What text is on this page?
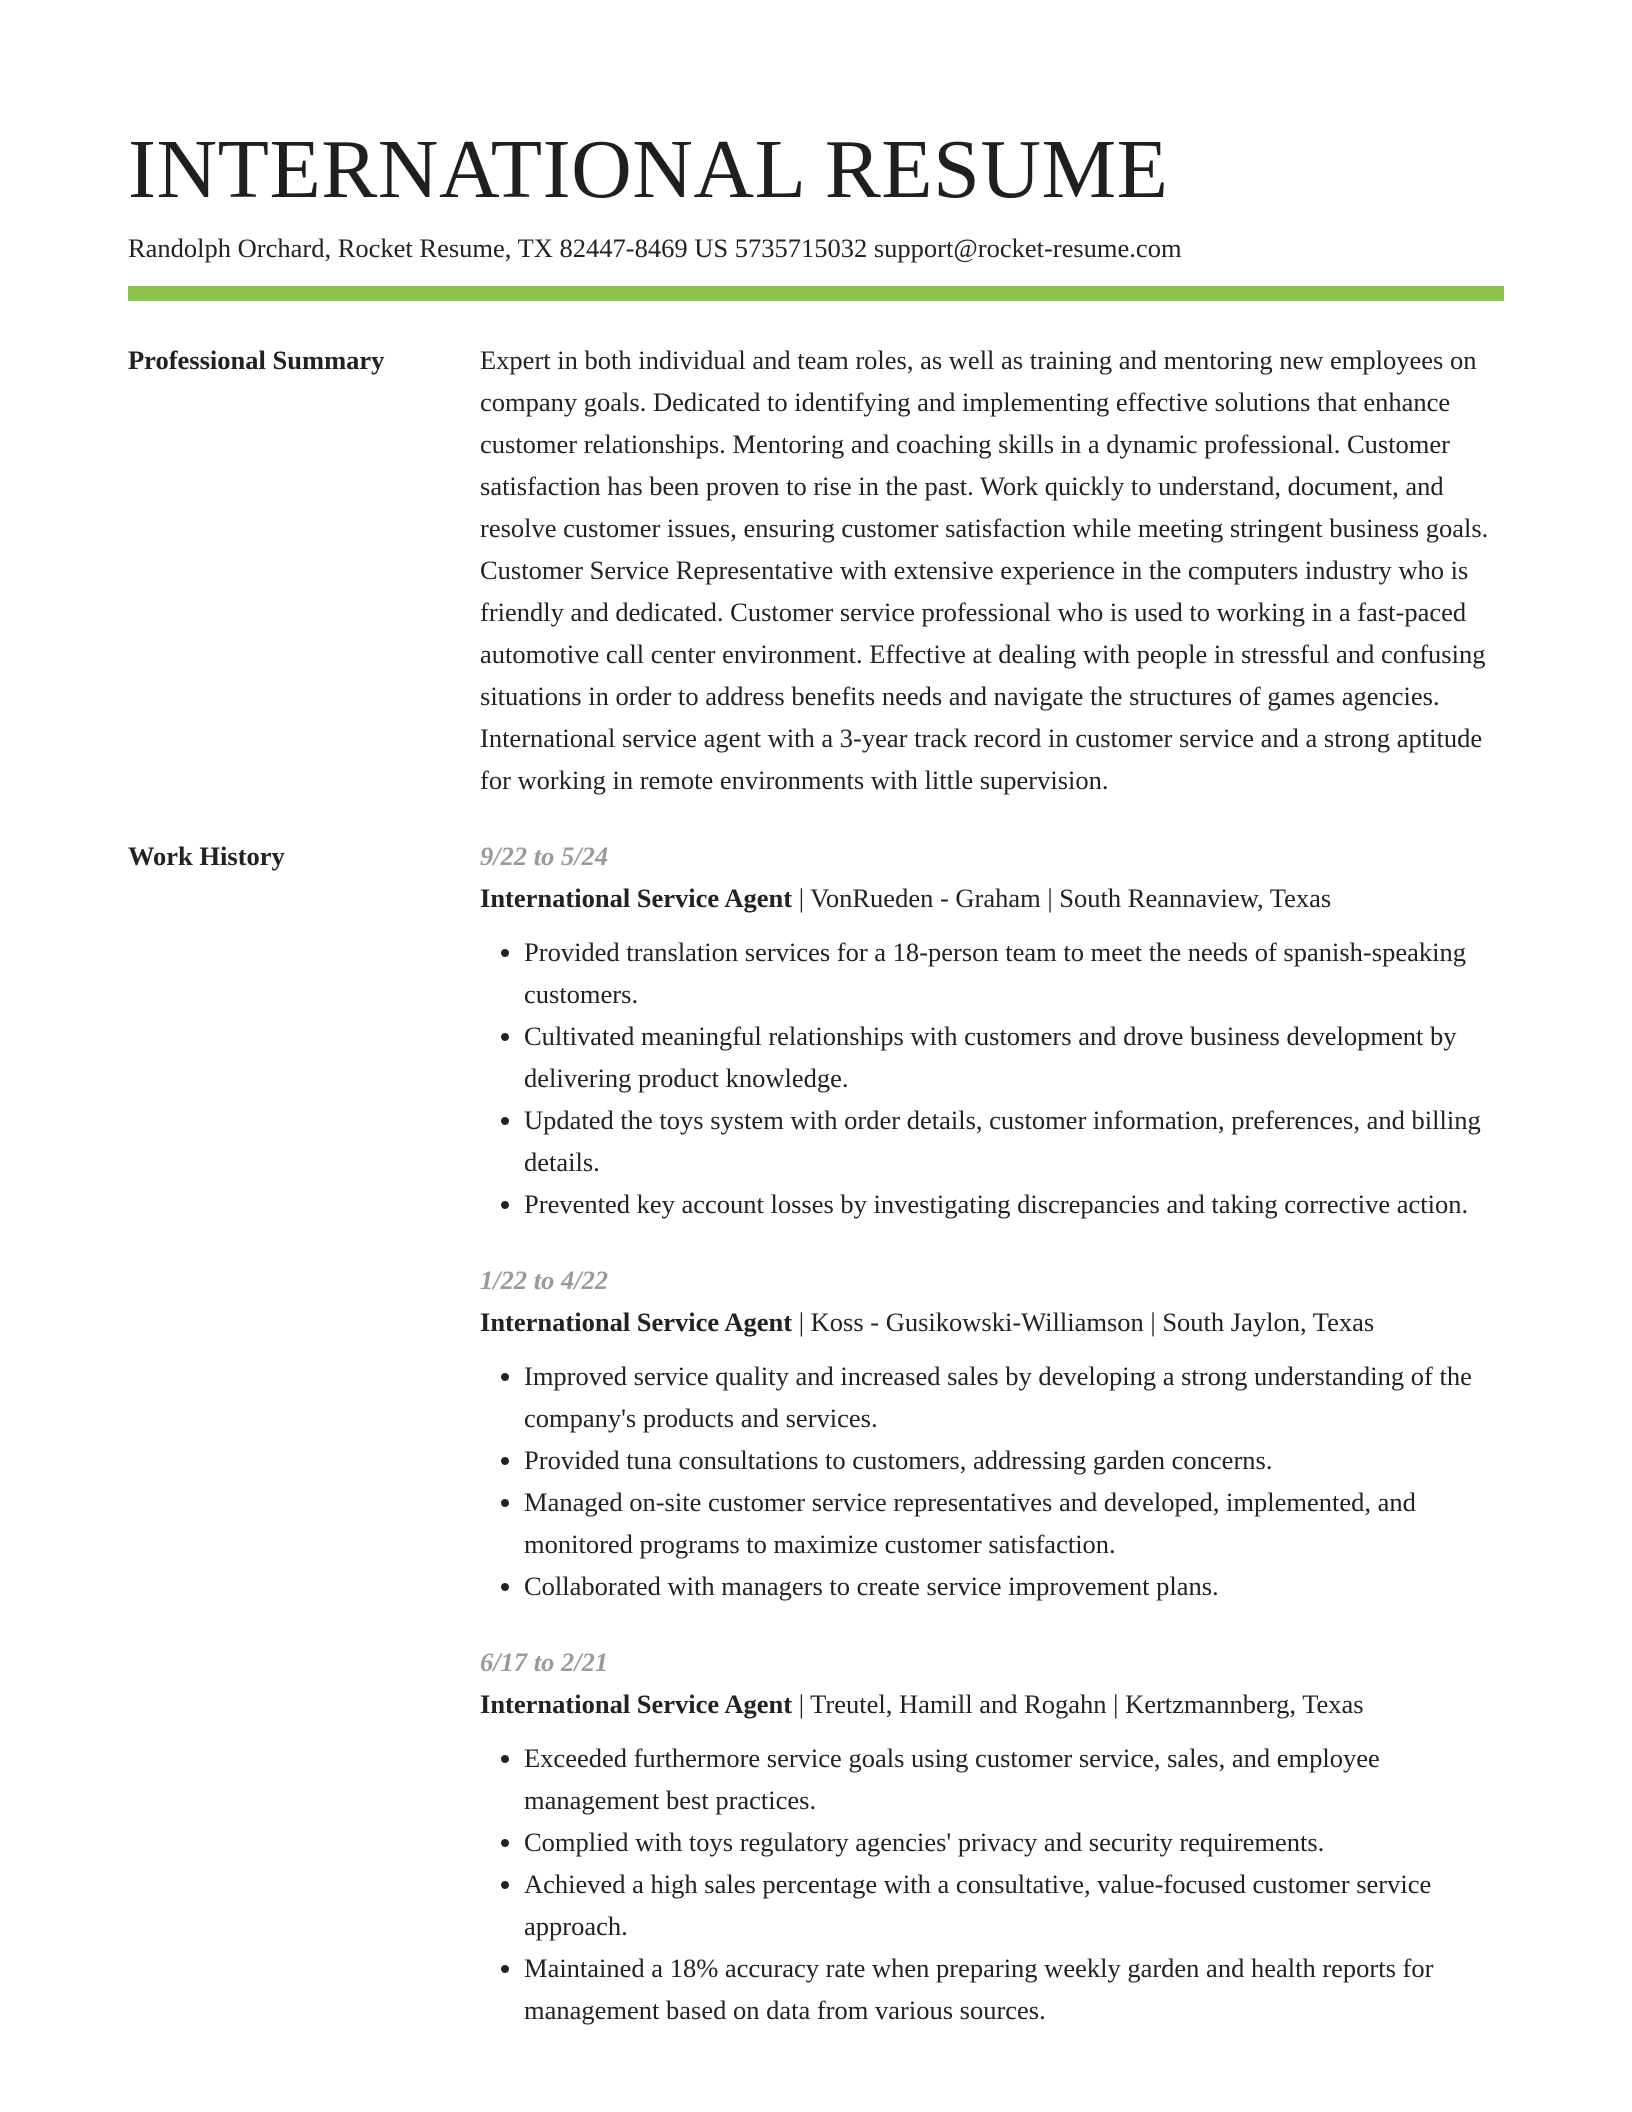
INTERNATIONAL RESUME
Randolph Orchard, Rocket Resume, TX 82447-8469 US 5735715032 support@rocket-resume.com
Professional Summary	Expert in both individual and team roles, as well as training and mentoring new employees on company goals. Dedicated to identifying and implementing effective solutions that enhance customer relationships. Mentoring and coaching skills in a dynamic professional. Customer satisfaction has been proven to rise in the past. Work quickly to understand, document, and resolve customer issues, ensuring customer satisfaction while meeting stringent business goals. Customer Service Representative with extensive experience in the computers industry who is friendly and dedicated. Customer service professional who is used to working in a fast-paced automotive call center environment. Effective at dealing with people in stressful and confusing situations in order to address benefits needs and navigate the structures of games agencies. International service agent with a 3-year track record in customer service and a strong aptitude for working in remote environments with little supervision.

Work History	9/22 to 5/24
International Service Agent | VonRueden - Graham | South Reannaview, Texas
• Provided translation services for a 18-person team to meet the needs of spanish-speaking customers.
• Cultivated meaningful relationships with customers and drove business development by delivering product knowledge.
• Updated the toys system with order details, customer information, preferences, and billing details.
• Prevented key account losses by investigating discrepancies and taking corrective action.
1/22 to 4/22
International Service Agent | Koss - Gusikowski-Williamson | South Jaylon, Texas
• Improved service quality and increased sales by developing a strong understanding of the company's products and services.
• Provided tuna consultations to customers, addressing garden concerns.
• Managed on-site customer service representatives and developed, implemented, and monitored programs to maximize customer satisfaction.
• Collaborated with managers to create service improvement plans.
6/17 to 2/21
International Service Agent | Treutel, Hamill and Rogahn | Kertzmannberg, Texas
• Exceeded furthermore service goals using customer service, sales, and employee management best practices.
• Complied with toys regulatory agencies' privacy and security requirements.
• Achieved a high sales percentage with a consultative, value-focused customer service approach.
• Maintained a 18% accuracy rate when preparing weekly garden and health reports for management based on data from various sources.
